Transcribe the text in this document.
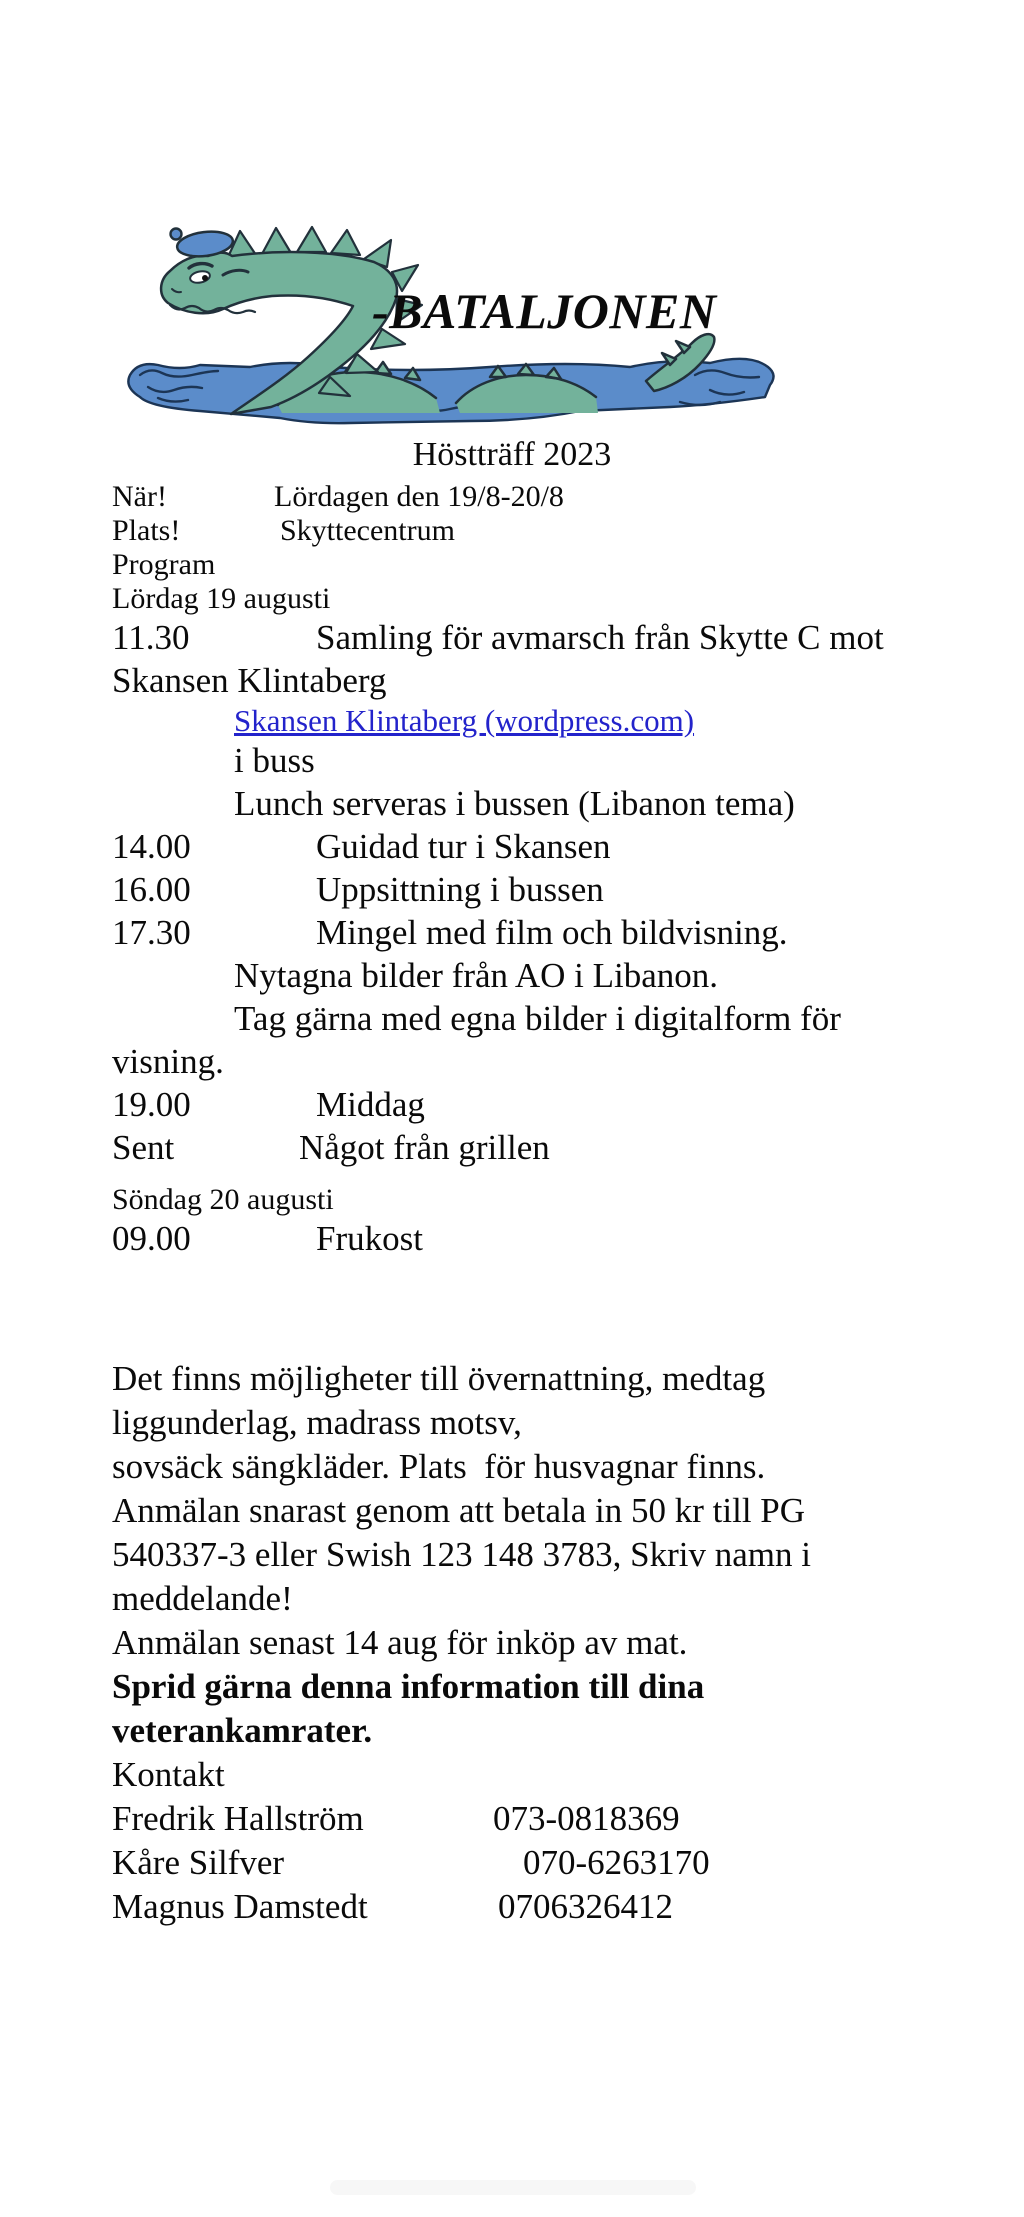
-BATALJONEN
Höstträff 2023
När!	Lördagen den 19/8-20/8
Plats!	Skyttecentrum
Program
Lördag 19 augusti
11.30	Samling för avmarsch från Skytte C mot
Skansen Klintaberg
Skansen Klintaberg (wordpress.com)
i buss
Lunch serveras i bussen (Libanon tema)
14.00	Guidad tur i Skansen
16.00	Uppsittning i bussen
17.30	Mingel med film och bildvisning.
Nytagna bilder från AO i Libanon.
Tag gärna med egna bilder i digitalform för
visning.
19.00	Middag
Sent	Något från grillen
Söndag 20 augusti
09.00	Frukost
Det finns möjligheter till övernattning, medtag
liggunderlag, madrass motsv,
sovsäck sängkläder. Plats  för husvagnar finns.
Anmälan snarast genom att betala in 50 kr till PG
540337-3 eller Swish 123 148 3783, Skriv namn i
meddelande!
Anmälan senast 14 aug för inköp av mat.
Sprid gärna denna information till dina
veterankamrater.
Kontakt
Fredrik Hallström	073-0818369
Kåre Silfver	070-6263170
Magnus Damstedt	0706326412
